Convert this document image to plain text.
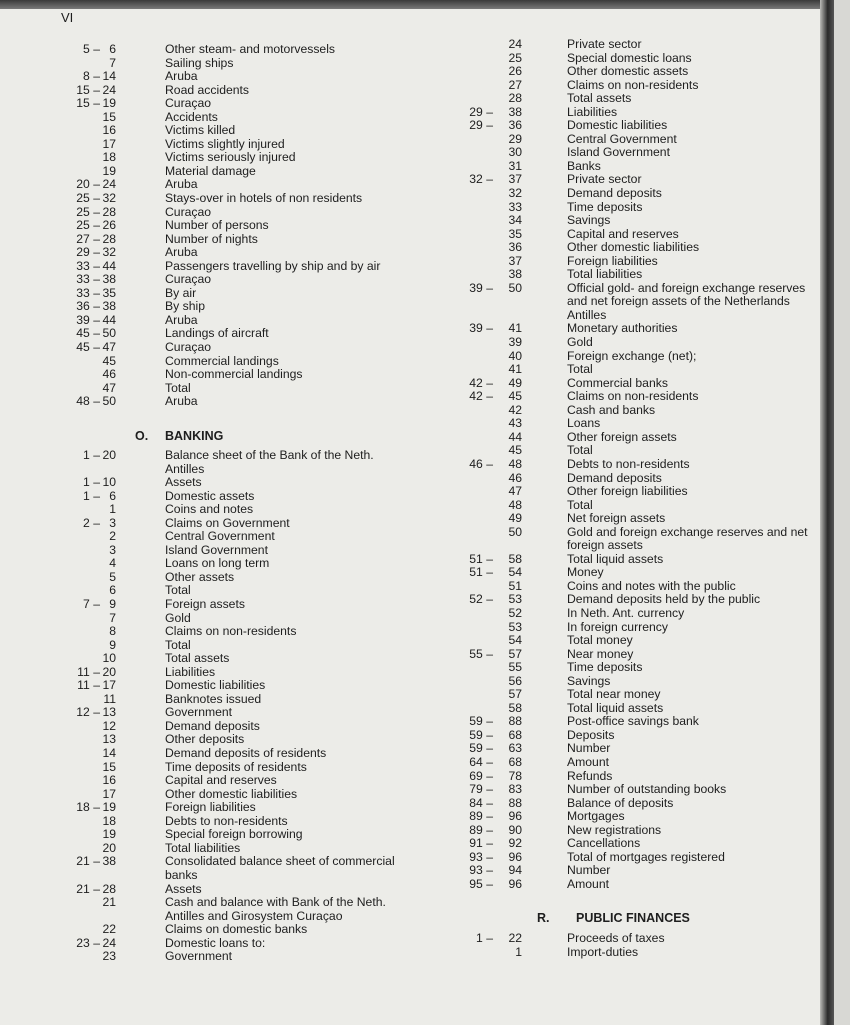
VI
5 – 6	Other steam- and motorvessels
7	Sailing ships
8 – 14	Aruba
15 – 24	Road accidents
15 – 19	Curaçao
15	Accidents
16	Victims killed
17	Victims slightly injured
18	Victims seriously injured
19	Material damage
20 – 24	Aruba
25 – 32	Stays-over in hotels of non residents
25 – 28	Curaçao
25 – 26	Number of persons
27 – 28	Number of nights
29 – 32	Aruba
33 – 44	Passengers travelling by ship and by air
33 – 38	Curaçao
33 – 35	By air
36 – 38	By ship
39 – 44	Aruba
45 – 50	Landings of aircraft
45 – 47	Curaçao
45	Commercial landings
46	Non-commercial landings
47	Total
48 – 50	Aruba
O. BANKING
1 – 20	Balance sheet of the Bank of the Neth.
Antilles
1 – 10	Assets
1 – 6	Domestic assets
1	Coins and notes
2 – 3	Claims on Government
2	Central Government
3	Island Government
4	Loans on long term
5	Other assets
6	Total
7 – 9	Foreign assets
7	Gold
8	Claims on non-residents
9	Total
10	Total assets
11 – 20	Liabilities
11 – 17	Domestic liabilities
11	Banknotes issued
12 – 13	Government
12	Demand deposits
13	Other deposits
14	Demand deposits of residents
15	Time deposits of residents
16	Capital and reserves
17	Other domestic liabilities
18 – 19	Foreign liabilities
18	Debts to non-residents
19	Special foreign borrowing
20	Total liabilities
21 – 38	Consolidated balance sheet of commercial
banks
21 – 28	Assets
21	Cash and balance with Bank of the Neth.
Antilles and Girosystem Curaçao
22	Claims on domestic banks
23 – 24	Domestic loans to:
23	Government
24	Private sector
25	Special domestic loans
26	Other domestic assets
27	Claims on non-residents
28	Total assets
29 – 38	Liabilities
29 – 36	Domestic liabilities
29	Central Government
30	Island Government
31	Banks
32 – 37	Private sector
32	Demand deposits
33	Time deposits
34	Savings
35	Capital and reserves
36	Other domestic liabilities
37	Foreign liabilities
38	Total liabilities
39 – 50	Official gold- and foreign exchange reserves
and net foreign assets of the Netherlands
Antilles
39 – 41	Monetary authorities
39	Gold
40	Foreign exchange (net);
41	Total
42 – 49	Commercial banks
42 – 45	Claims on non-residents
42	Cash and banks
43	Loans
44	Other foreign assets
45	Total
46 – 48	Debts to non-residents
46	Demand deposits
47	Other foreign liabilities
48	Total
49	Net foreign assets
50	Gold and foreign exchange reserves and net
foreign assets
51 – 58	Total liquid assets
51 – 54	Money
51	Coins and notes with the public
52 – 53	Demand deposits held by the public
52	In Neth. Ant. currency
53	In foreign currency
54	Total money
55 – 57	Near money
55	Time deposits
56	Savings
57	Total near money
58	Total liquid assets
59 – 88	Post-office savings bank
59 – 68	Deposits
59 – 63	Number
64 – 68	Amount
69 – 78	Refunds
79 – 83	Number of outstanding books
84 – 88	Balance of deposits
89 – 96	Mortgages
89 – 90	New registrations
91 – 92	Cancellations
93 – 96	Total of mortgages registered
93 – 94	Number
95 – 96	Amount
R. PUBLIC FINANCES
1 – 22	Proceeds of taxes
1	Import-duties
